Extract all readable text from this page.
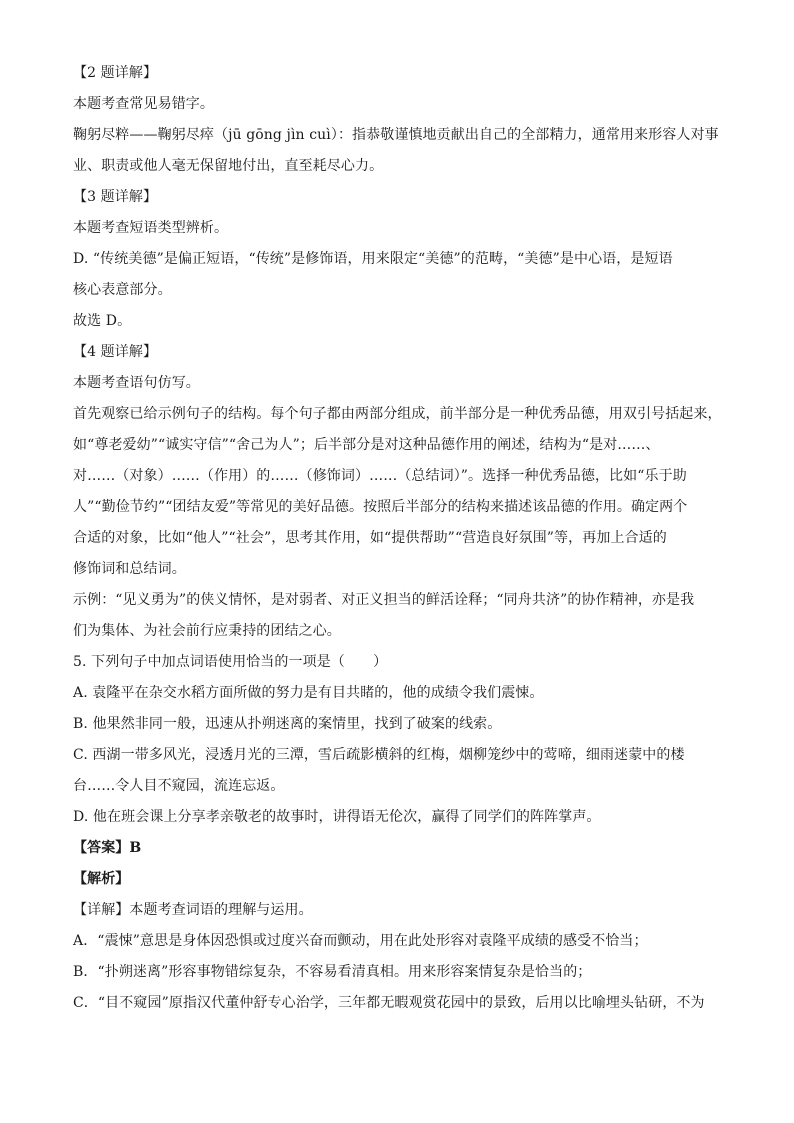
【2 题详解】
本题考查常见易错字。
鞠躬尽粹——鞠躬尽瘁（jū gōng jìn cuì）：指恭敬谨慎地贡献出自己的全部精力，通常用来形容人对事
业、职责或他人毫无保留地付出，直至耗尽心力。
【3 题详解】
本题考查短语类型辨析。
D. “传统美德”是偏正短语，“传统”是修饰语，用来限定“美德”的范畴，“美德”是中心语，是短语
核心表意部分。
故选 D。
【4 题详解】
本题考查语句仿写。
首先观察已给示例句子的结构。每个句子都由两部分组成，前半部分是一种优秀品德，用双引号括起来，
如“尊老爱幼”“诚实守信”“舍己为人”；后半部分是对这种品德作用的阐述，结构为“是对……、
对……（对象）……（作用）的……（修饰词）……（总结词）”。选择一种优秀品德，比如“乐于助
人”“勤俭节约”“团结友爱”等常见的美好品德。按照后半部分的结构来描述该品德的作用。确定两个
合适的对象，比如“他人”“社会”，思考其作用，如“提供帮助”“营造良好氛围”等，再加上合适的
修饰词和总结词。
示例：“见义勇为”的侠义情怀，是对弱者、对正义担当的鲜活诠释；“同舟共济”的协作精神，亦是我
们为集体、为社会前行应秉持的团结之心。
5. 下列句子中加点词语使用恰当的一项是（　　）
A. 袁隆平在杂交水稻方面所做的努力是有目共睹的，他的成绩令我们震悚。
B. 他果然非同一般，迅速从扑朔迷离的案情里，找到了破案的线索。
C. 西湖一带多风光，浸透月光的三潭，雪后疏影横斜的红梅，烟柳笼纱中的莺啼，细雨迷蒙中的楼
台……令人目不窥园，流连忘返。
D. 他在班会课上分享孝亲敬老的故事时，讲得语无伦次，赢得了同学们的阵阵掌声。
【答案】B
【解析】
【详解】本题考查词语的理解与运用。
A．“震悚”意思是身体因恐惧或过度兴奋而颤动，用在此处形容对袁隆平成绩的感受不恰当；
B．“扑朔迷离”形容事物错综复杂，不容易看清真相。用来形容案情复杂是恰当的；
C．“目不窥园”原指汉代董仲舒专心治学，三年都无暇观赏花园中的景致，后用以比喻埋头钻研，不为
